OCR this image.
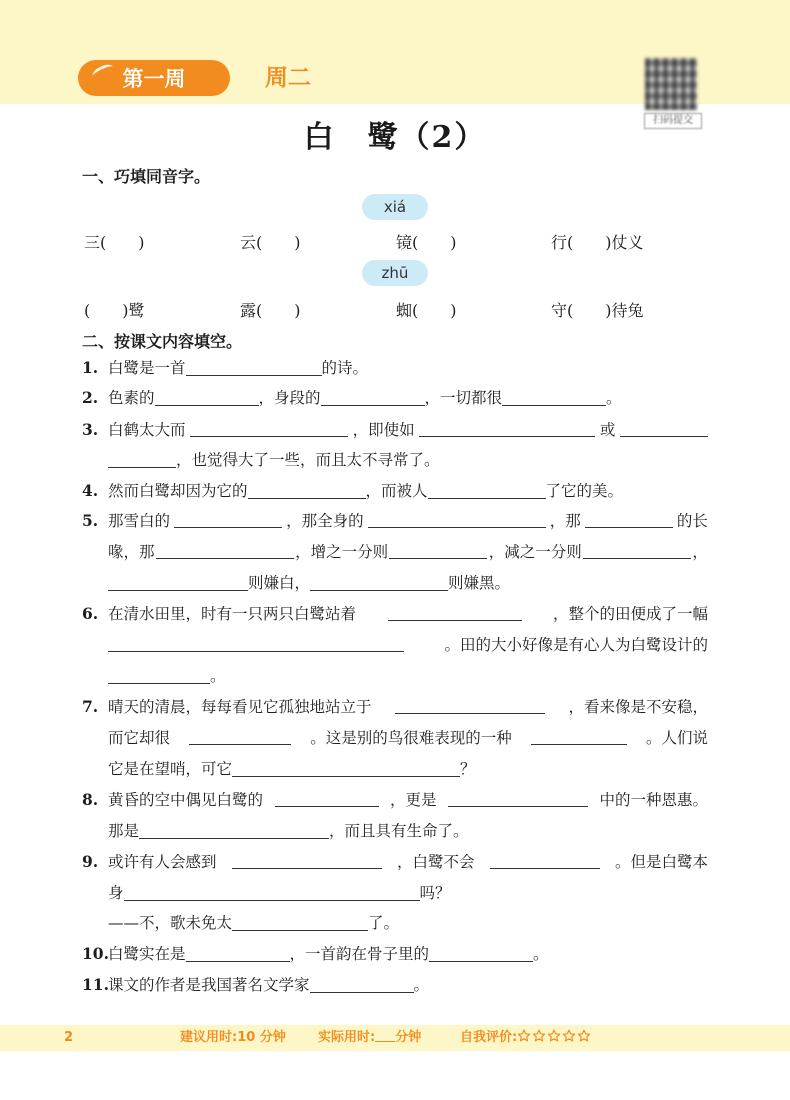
第一周	周二
扫码提交
白　鹭（2）
一、巧填同音字。
xiá
三(　　)	云(　　)	镜(　　)	行(　　)仗义
zhū
(　　)鹭	露(　　)	蜘(　　)	守(　　)待兔
二、按课文内容填空。
1. 白鹭是一首	的诗。
2. 色素的	，身段的	，一切都很	。
3. 白鹤太大而	，即使如	或
，也觉得大了一些，而且太不寻常了。
4. 然而白鹭却因为它的	，而被人	了它的美。
5. 那雪白的	，那全身的	，那	的长
喙，那	，增之一分则	，减之一分则	，
则嫌白，	则嫌黑。
6. 在清水田里，时有一只两只白鹭站着	，整个的田便成了一幅
。田的大小好像是有心人为白鹭设计的
。
7. 晴天的清晨，每每看见它孤独地站立于	，看来像是不安稳，
而它却很	。这是别的鸟很难表现的一种	。人们说
它是在望哨，可它	？
8. 黄昏的空中偶见白鹭的	，更是	中的一种恩惠。
那是	，而且具有生命了。
9. 或许有人会感到	，白鹭不会	。但是白鹭本
身	吗？
——不，歌未免太	了。
10.白鹭实在是	，一首韵在骨子里的	。
11.课文的作者是我国著名文学家	。
2	建议用时:10 分钟 实际用时: 分钟	自我评价:
